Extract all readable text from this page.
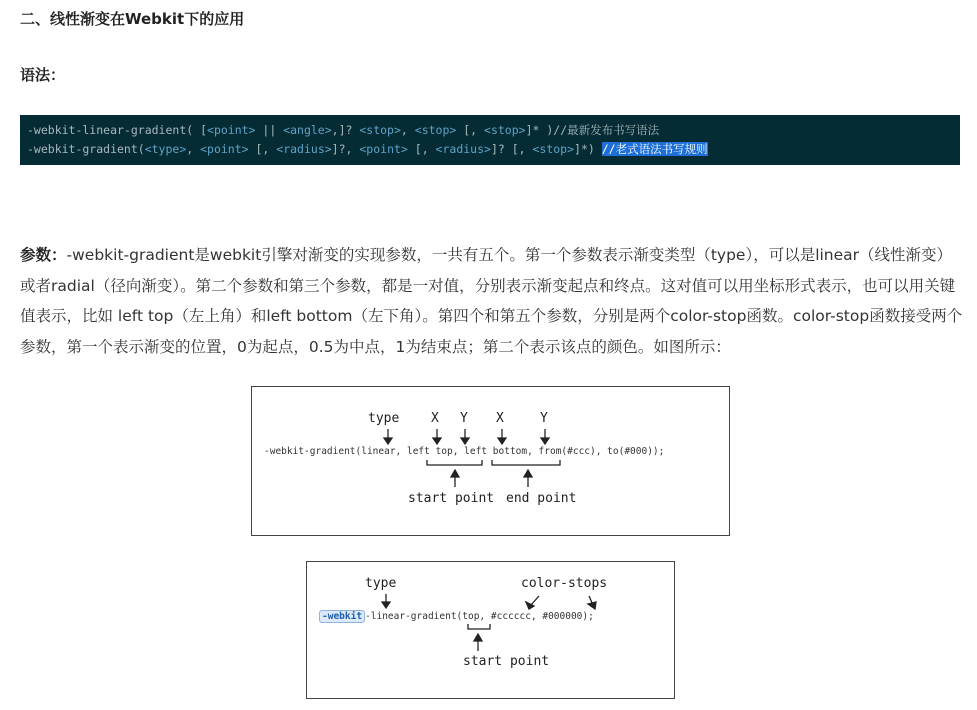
二、线性渐变在Webkit下的应用

语法：

-webkit-linear-gradient( [<point> || <angle>,]? <stop>, <stop> [, <stop>]* )//最新发布书写语法
-webkit-gradient(<type>, <point> [, <radius>]?, <point> [, <radius>]? [, <stop>]*) //老式语法书写规则

参数：-webkit-gradient是webkit引擎对渐变的实现参数，一共有五个。第一个参数表示渐变类型（type），可以是linear（线性渐变）或者radial（径向渐变）。第二个参数和第三个参数，都是一对值，分别表示渐变起点和终点。这对值可以用坐标形式表示，也可以用关键值表示，比如 left top（左上角）和left bottom（左下角）。第四个和第五个参数，分别是两个color-stop函数。color-stop函数接受两个参数，第一个表示渐变的位置，0为起点，0.5为中点，1为结束点；第二个表示该点的颜色。如图所示：

type X Y X	Y
-webkit-gradient(linear, left top, left bottom, from(#ccc), to(#000));
start point end point
type	color-stops
-webkit -linear-gradient(top, #cccccc, #000000);
start point
